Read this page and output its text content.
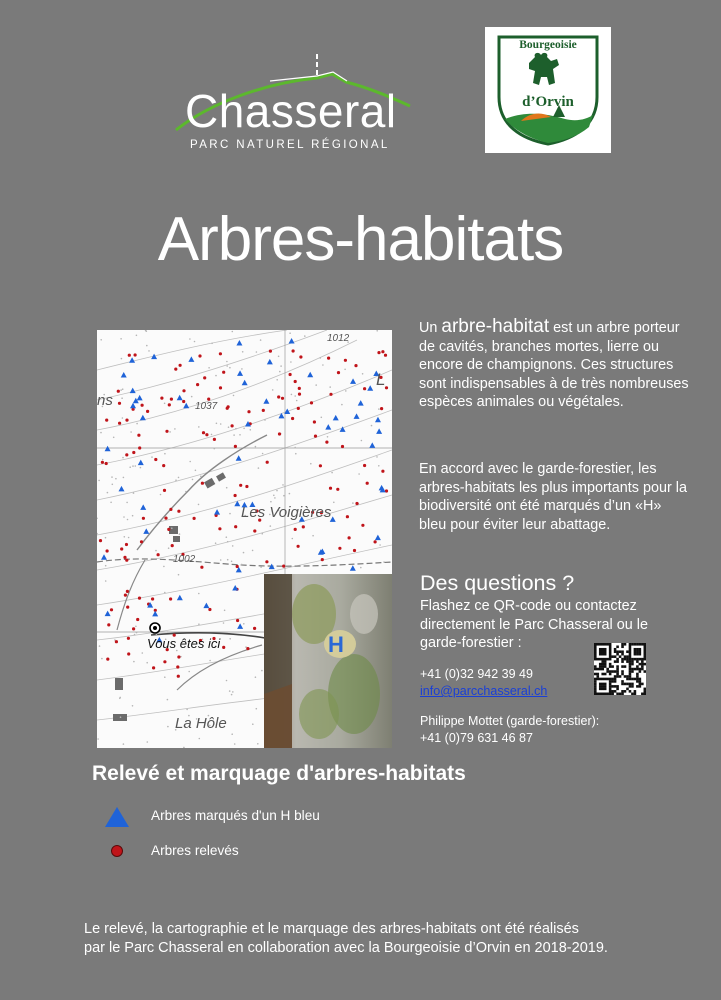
Chasseral
PARC NATUREL RÉGIONAL
Bourgeoisie
d’Orvin
Arbres-habitats
1012
1037
1002
Les Voigières
La Hôle
ns
L
Vous êtes ici	H
Un arbre-habitat est un arbre porteur de cavités, branches mortes, lierre ou encore de champignons. Ces structures sont indispensables à de très nombreuses espèces animales ou végétales.
En accord avec le garde-forestier, les arbres-habitats les plus importants pour la biodiversité ont été marqués d’un «H» bleu pour éviter leur abattage.
Des questions ?
Flashez ce QR-code ou contactez directement le Parc Chasseral ou le garde-forestier :
+41 (0)32 942 39 49
info@parcchasseral.ch
Philippe Mottet (garde-forestier):
+41 (0)79 631 46 87
Relevé et marquage d'arbres-habitats
Arbres marqués d'un H bleu
Arbres relevés
Le relevé, la cartographie et le marquage des arbres-habitats ont été réalisés
par le Parc Chasseral en collaboration avec la Bourgeoisie d’Orvin en 2018-2019.
